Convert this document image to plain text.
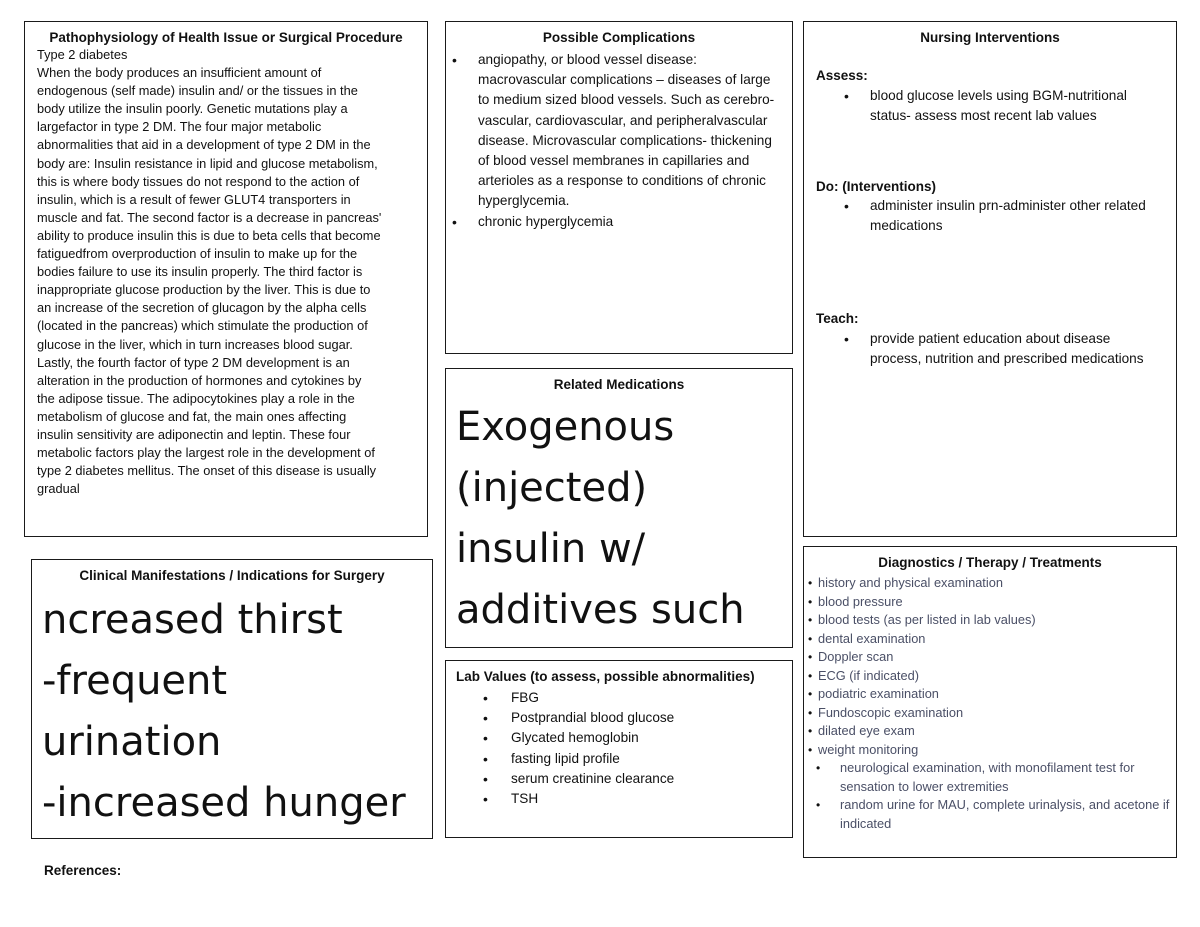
Pathophysiology of Health Issue or Surgical Procedure
Type 2 diabetes
When the body produces an insufficient amount of
endogenous (self made) insulin and/ or the tissues in the
body utilize the insulin poorly. Genetic mutations play a
largefactor in type 2 DM. The four major metabolic
abnormalities that aid in a development of type 2 DM in the
body are: Insulin resistance in lipid and glucose metabolism,
this is where body tissues do not respond to the action of
insulin, which is a result of fewer GLUT4 transporters in
muscle and fat. The second factor is a decrease in pancreas'
ability to produce insulin this is due to beta cells that become
fatiguedfrom overproduction of insulin to make up for the
bodies failure to use its insulin properly. The third factor is
inappropriate glucose production by the liver. This is due to
an increase of the secretion of glucagon by the alpha cells
(located in the pancreas) which stimulate the production of
glucose in the liver, which in turn increases blood sugar.
Lastly, the fourth factor of type 2 DM development is an
alteration in the production of hormones and cytokines by
the adipose tissue. The adipocytokines play a role in the
metabolism of glucose and fat, the main ones affecting
insulin sensitivity are adiponectin and leptin. These four
metabolic factors play the largest role in the development of
type 2 diabetes mellitus. The onset of this disease is usually
gradual
Possible Complications
• angiopathy, or blood vessel disease: macrovascular complications – diseases of large to medium sized blood vessels. Such as cerebro-vascular, cardiovascular, and peripheralvascular disease. Microvascular complications- thickening of blood vessel membranes in capillaries and arterioles as a response to conditions of chronic hyperglycemia.
• chronic hyperglycemia
Nursing Interventions
Assess:
• blood glucose levels using BGM-nutritional status- assess most recent lab values
Do: (Interventions)
• administer insulin prn-administer other related medications
Teach:
• provide patient education about disease process, nutrition and prescribed medications
Related Medications
Exogenous
(injected)
insulin w/
additives such
Lab Values (to assess, possible abnormalities)
• FBG
• Postprandial blood glucose
• Glycated hemoglobin
• fasting lipid profile
• serum creatinine clearance
• TSH
Clinical Manifestations / Indications for Surgery
ncreased thirst
-frequent
urination
-increased hunger
Diagnostics / Therapy / Treatments
• history and physical examination
• blood pressure
• blood tests (as per listed in lab values)
• dental examination
• Doppler scan
• ECG (if indicated)
• podiatric examination
• Fundoscopic examination
• dilated eye exam
• weight monitoring
• neurological examination, with monofilament test for sensation to lower extremities
• random urine for MAU, complete urinalysis, and acetone if indicated
References:
